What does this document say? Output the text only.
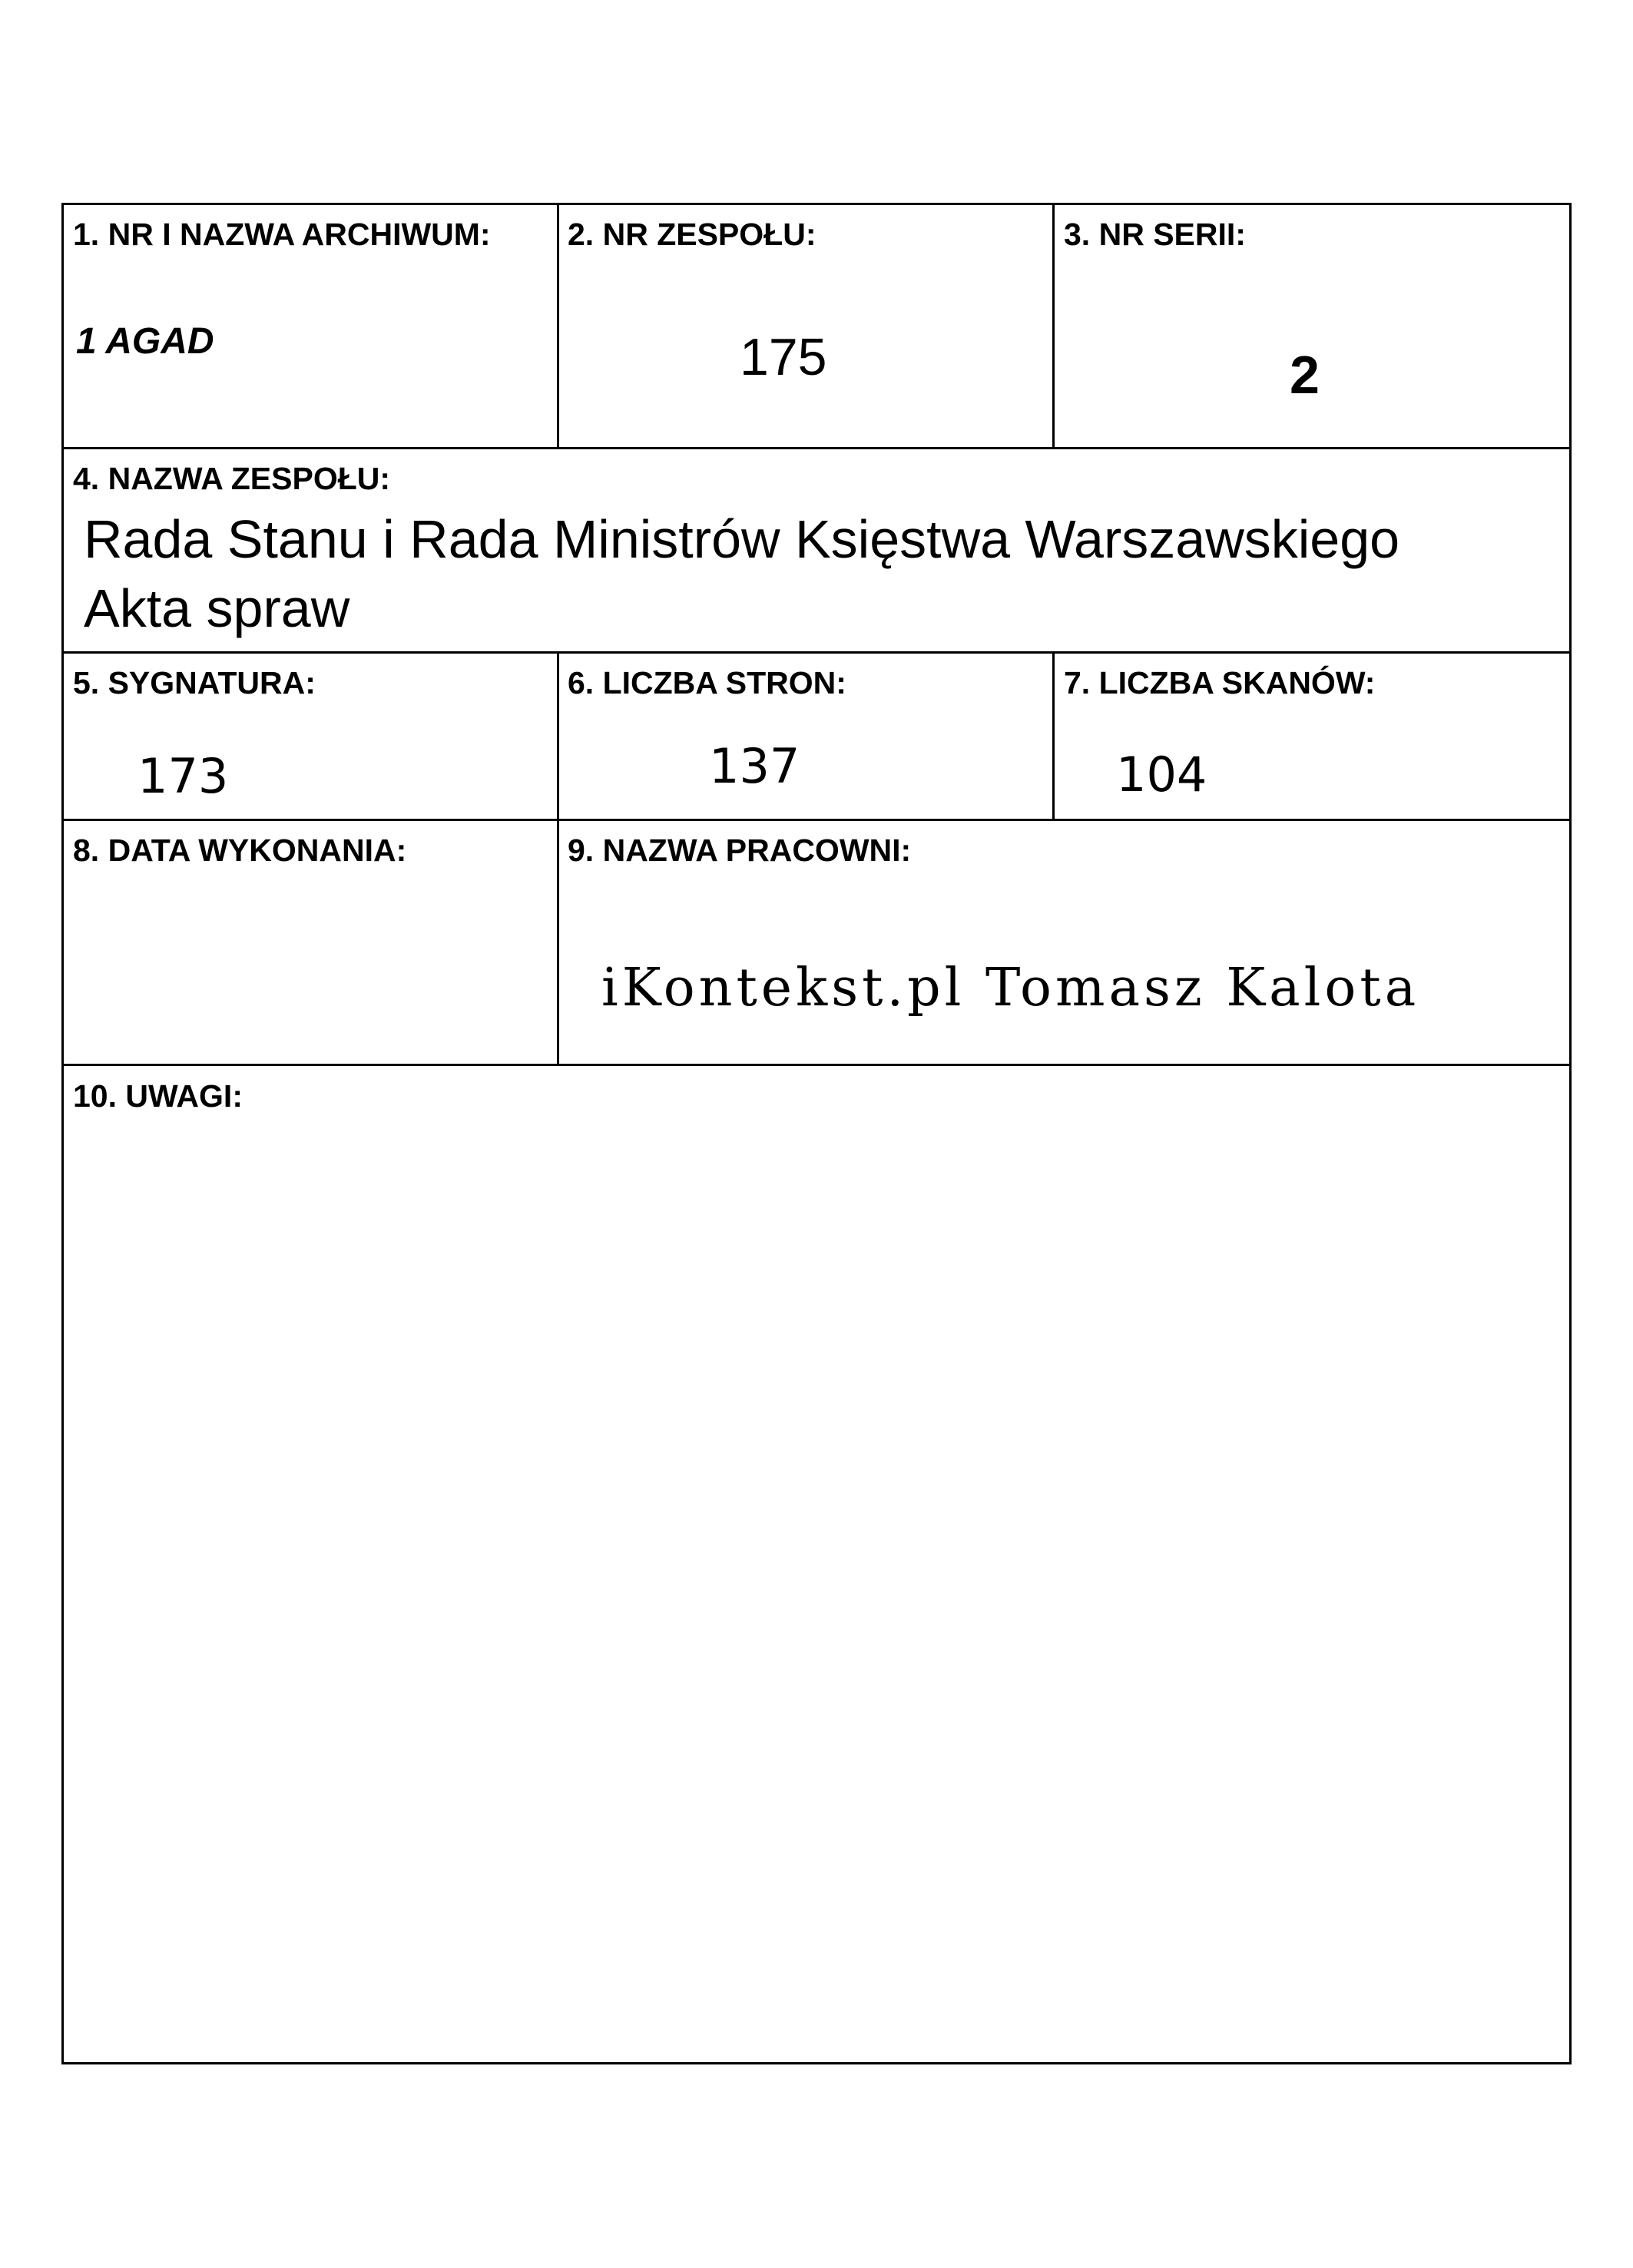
1. NR I NAZWA ARCHIWUM:
1 AGAD
2. NR ZESPOŁU:
175
3. NR SERII:
2
4. NAZWA ZESPOŁU:
Rada Stanu i Rada Ministrów Księstwa Warszawskiego
Akta spraw
5. SYGNATURA:
173
6. LICZBA STRON:
137
7. LICZBA SKANÓW:
104
8. DATA WYKONANIA:	9. NAZWA PRACOWNI:
iKontekst.pl Tomasz Kalota
10. UWAGI:
